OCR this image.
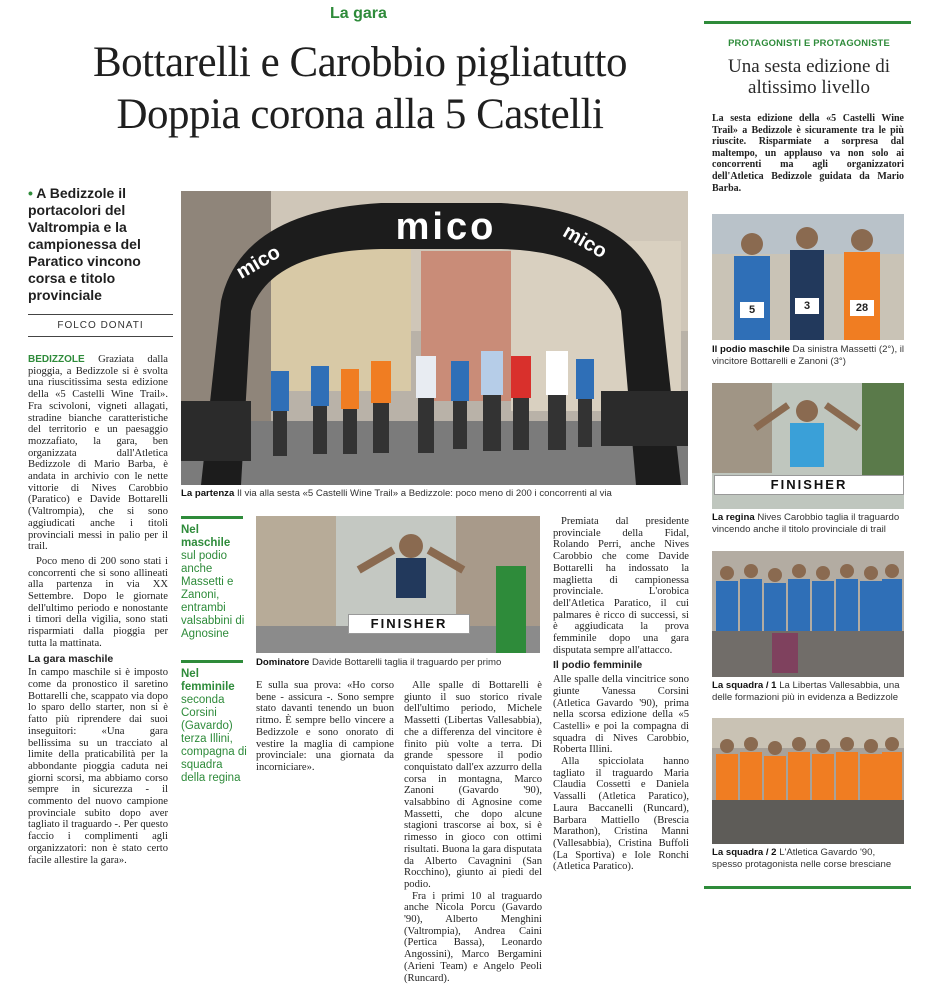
La gara
Bottarelli e Carobbio pigliatutto
Doppia corona alla 5 Castelli
• A Bedizzole il portacolori del Valtrompia e la campionessa del Paratico vincono corsa e titolo provinciale
FOLCO DONATI

BEDIZZOLE Graziata dalla pioggia, a Bedizzole si è svolta una riuscitissima sesta edizione della «5 Castelli Wine Trail». Fra scivoloni, vigneti allagati, stradine bianche caratteristiche del territorio e un paesaggio mozzafiato, la gara, ben organizzata dall'Atletica Bedizzole di Mario Barba, è andata in archivio con le nette vittorie di Nives Carobbio (Paratico) e Davide Bottarelli (Valtrompia), che si sono aggiudicati anche i titoli provinciali messi in palio per il trail.

Poco meno di 200 sono stati i concorrenti che si sono allineati alla partenza in via XX Settembre. Dopo le giornate dell'ultimo periodo e nonostante i timori della vigilia, sono stati risparmiati dalla pioggia per tutta la mattinata.

La gara maschile

In campo maschile si è imposto come da pronostico il saretino Bottarelli che, scappato via dopo lo sparo dello starter, non si è fatto più riprendere dai suoi inseguitori: «Una gara bellissima su un tracciato al limite della praticabilità per la abbondante pioggia caduta nei giorni scorsi, ma abbiamo corso sempre in sicurezza - il commento del nuovo campione provinciale subito dopo aver tagliato il traguardo -. Per questo faccio i complimenti agli organizzatori: non è stato certo facile allestire la gara».

mico
mico	mico
La partenza Il via alla sesta «5 Castelli Wine Trail» a Bedizzole: poco meno di 200 i concorrenti al via
Nel maschile
sul podio anche Massetti e Zanoni, entrambi valsabbini di Agnosine
Nel femminile
seconda Corsini (Gavardo) terza Illini, compagna di squadra della regina
FINISHER
Dominatore Davide Bottarelli taglia il traguardo per primo

E sulla sua prova: «Ho corso bene - assicura -. Sono sempre stato davanti tenendo un buon ritmo. È sempre bello vincere a Bedizzole e sono onorato di vestire la maglia di campione provinciale: una giornata da incorniciare».

Alle spalle di Bottarelli è giunto il suo storico rivale dell'ultimo periodo, Michele Massetti (Libertas Vallesabbia), che a differenza del vincitore è finito più volte a terra. Di grande spessore il podio conquistato dall'ex azzurro della corsa in montagna, Marco Zanoni (Gavardo '90), valsabbino di Agnosine come Massetti, che dopo alcune stagioni trascorse ai box, si è rimesso in gioco con ottimi risultati. Buona la gara disputata da Alberto Cavagnini (San Rocchino), giunto ai piedi del podio.

Fra i primi 10 al traguardo anche Nicola Porcu (Gavardo '90), Alberto Menghini (Valtrompia), Andrea Caini (Pertica Bassa), Leonardo Angossini), Marco Bergamini (Arieni Team) e Angelo Peoli (Runcard).

Premiata dal presidente provinciale della Fidal, Rolando Perri, anche Nives Carobbio che come Davide Bottarelli ha indossato la maglietta di campionessa provinciale. L'orobica dell'Atletica Paratico, il cui palmares è ricco di successi, si è aggiudicata la prova femminile dopo una gara disputata sempre all'attacco.

Il podio femminile

Alle spalle della vincitrice sono giunte Vanessa Corsini (Atletica Gavardo '90), prima nella scorsa edizione della «5 Castelli» e poi la compagna di squadra di Nives Carobbio, Roberta Illini.

Alla spicciolata hanno tagliato il traguardo Maria Claudia Cossetti e Daniela Vassalli (Atletica Paratico), Laura Baccanelli (Runcard), Barbara Mattiello (Brescia Marathon), Cristina Manni (Vallesabbia), Cristina Buffoli (La Sportiva) e Iole Ronchi (Atletica Paratico).

PROTAGONISTI E PROTAGONISTE
Una sesta edizione di altissimo livello
La sesta edizione della «5 Castelli Wine Trail» a Bedizzole è sicuramente tra le più riuscite. Risparmiate a sorpresa dal maltempo, un applauso va non solo ai concorrenti ma agli organizzatori dell'Atletica Bedizzole guidata da Mario Barba.
5	3	28
Il podio maschile Da sinistra Massetti (2°), il vincitore Bottarelli e Zanoni (3°)
FINISHER
La regina Nives Carobbio taglia il traguardo vincendo anche il titolo provinciale di trail
La squadra / 1 La Libertas Vallesabbia, una delle formazioni più in evidenza a Bedizzole
La squadra / 2 L'Atletica Gavardo '90, spesso protagonista nelle corse bresciane
